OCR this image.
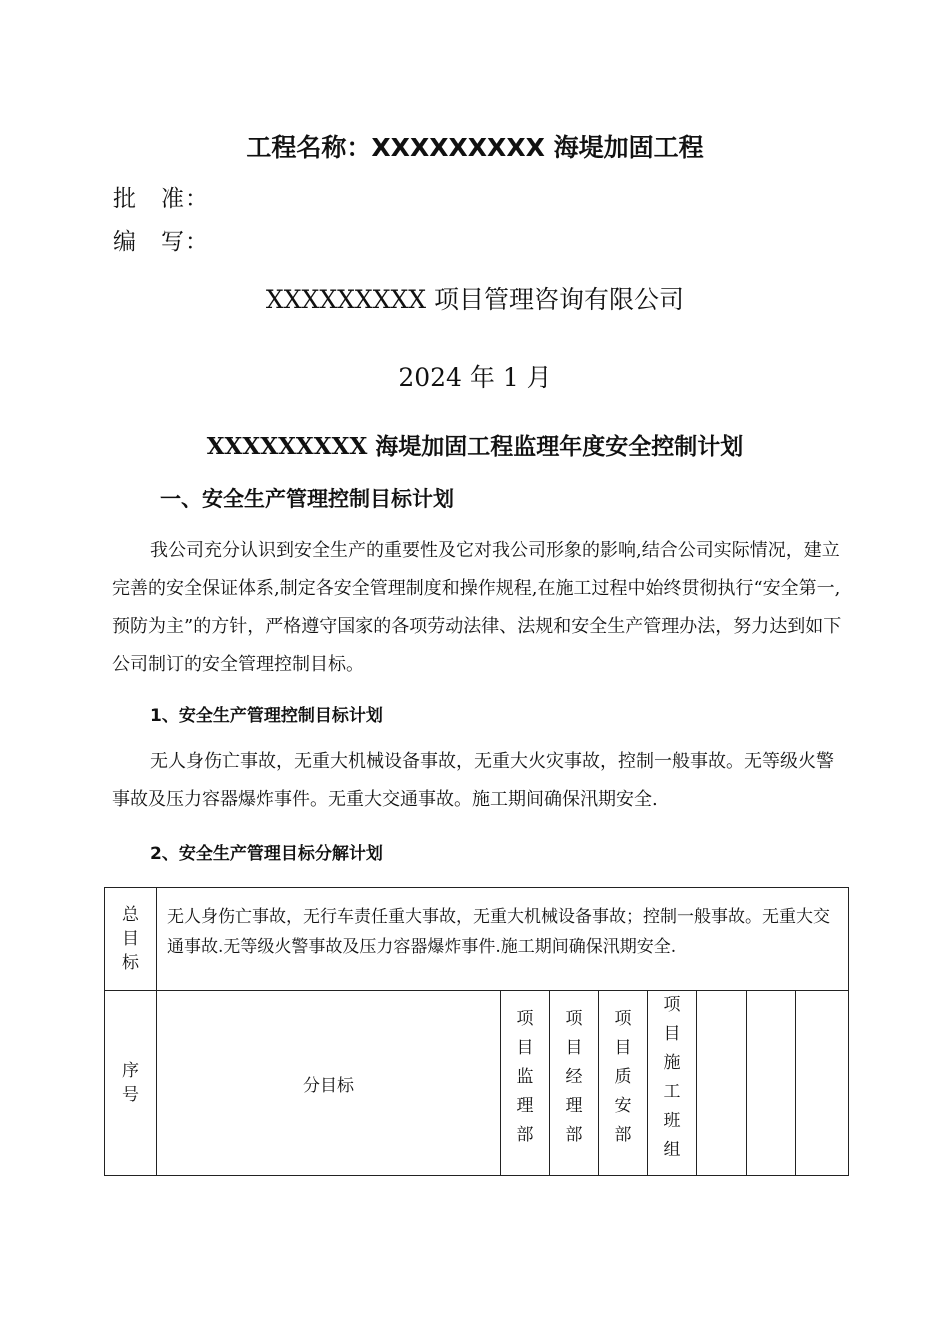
工程名称：XXXXXXXXX 海堤加固工程
批　准：
编　写：
XXXXXXXXX 项目管理咨询有限公司
2024 年 1 月
XXXXXXXXX 海堤加固工程监理年度安全控制计划
一、安全生产管理控制目标计划
我公司充分认识到安全生产的重要性及它对我公司形象的影响,结合公司实际情况，建立完善的安全保证体系,制定各安全管理制度和操作规程,在施工过程中始终贯彻执行“安全第一,预防为主”的方针，严格遵守国家的各项劳动法律、法规和安全生产管理办法，努力达到如下公司制订的安全管理控制目标。
1、安全生产管理控制目标计划
无人身伤亡事故，无重大机械设备事故，无重大火灾事故，控制一般事故。无等级火警事故及压力容器爆炸事件。无重大交通事故。施工期间确保汛期安全.
2、安全生产管理目标分解计划
总目标	无人身伤亡事故，无行车责任重大事故，无重大机械设备事故；控制一般事故。无重大交通事故.无等级火警事故及压力容器爆炸事件.施工期间确保汛期安全.							
序号	分目标	项目监理部	项目经理部	项目质安部	项目施工班组			
